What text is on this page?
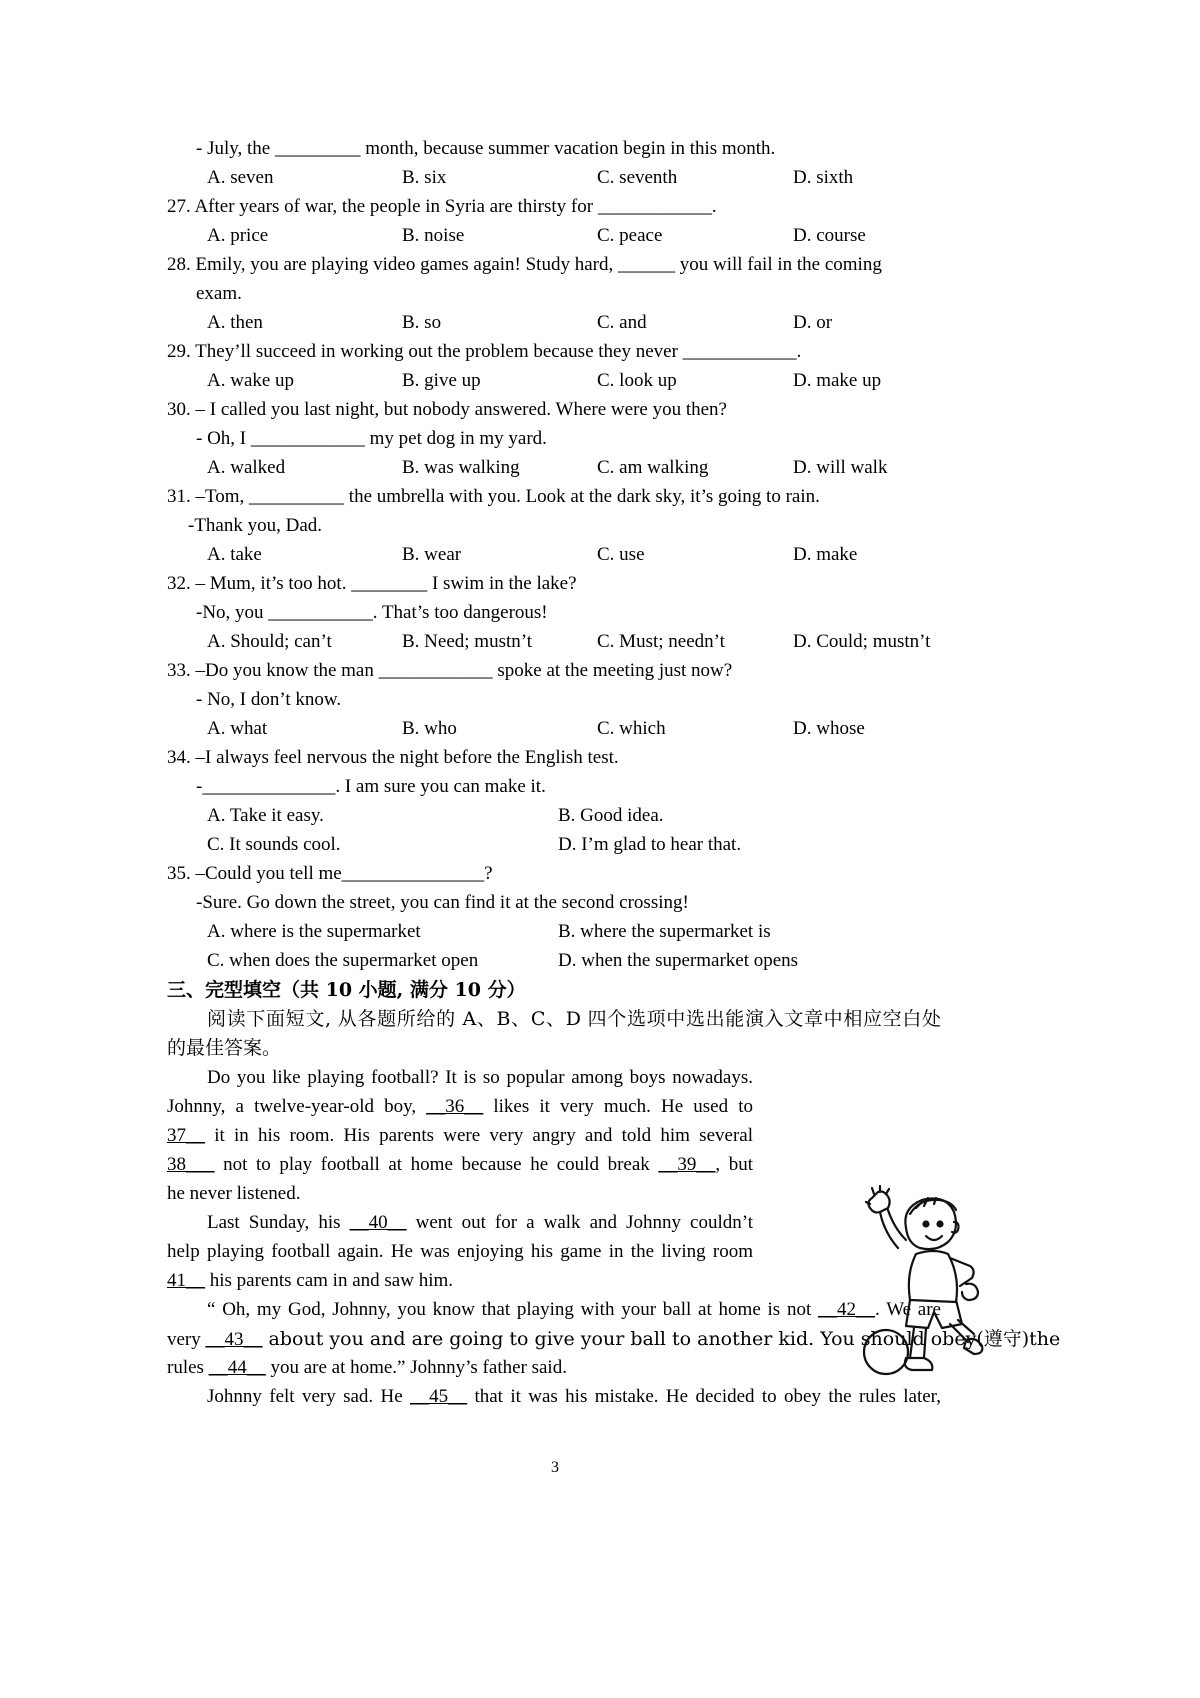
- July, the _________ month, because summer vacation begin in this month.
A. seven	B. six	C. seventh	D. sixth
27. After years of war, the people in Syria are thirsty for ____________.
A. price	B. noise	C. peace	D. course
28. Emily, you are playing video games again! Study hard, ______ you will fail in the coming
exam.
A. then	B. so	C. and	D. or
29. They’ll succeed in working out the problem because they never ____________.
A. wake up	B. give up	C. look up	D. make up
30. – I called you last night, but nobody answered. Where were you then?
- Oh, I ____________ my pet dog in my yard.
A. walked	B. was walking	C. am walking	D. will walk
31. –Tom, __________ the umbrella with you. Look at the dark sky, it’s going to rain.
-Thank you, Dad.
A. take	B. wear	C. use	D. make
32. – Mum, it’s too hot. ________ I swim in the lake?
-No, you ___________. That’s too dangerous!
A. Should; can’t	B. Need; mustn’t	C. Must; needn’t	D. Could; mustn’t
33. –Do you know the man ____________ spoke at the meeting just now?
- No, I don’t know.
A. what	B. who	C. which	D. whose
34. –I always feel nervous the night before the English test.
-______________. I am sure you can make it.
A. Take it easy.	B. Good idea.
C. It sounds cool.	D. I’m glad to hear that.
35. –Could you tell me_______________?
-Sure. Go down the street, you can find it at the second crossing!
A. where is the supermarket	B. where the supermarket is
C. when does the supermarket open	D. when the supermarket opens
三、完型填空（共 10 小题, 满分 10 分）
阅读下面短文, 从各题所给的 A、B、C、D 四个选项中选出能演入文章中相应空白处
的最佳答案。
Do you like playing football? It is so popular among boys nowadays.
Johnny, a twelve-year-old boy, __36__ likes it very much. He used to
37__ it in his room. His parents were very angry and told him several
38___ not to play football at home because he could break __39__, but
he never listened.
Last Sunday, his __40__ went out for a walk and Johnny couldn’t
help playing football again. He was enjoying his game in the living room
41__ his parents cam in and saw him.
“ Oh, my God, Johnny, you know that playing with your ball at home is not __42__. We are
very __43__ about you and are going to give your ball to another kid. You should obey(遵守)the
rules __44__ you are at home.” Johnny’s father said.
Johnny felt very sad. He __45__ that it was his mistake. He decided to obey the rules later,
3
